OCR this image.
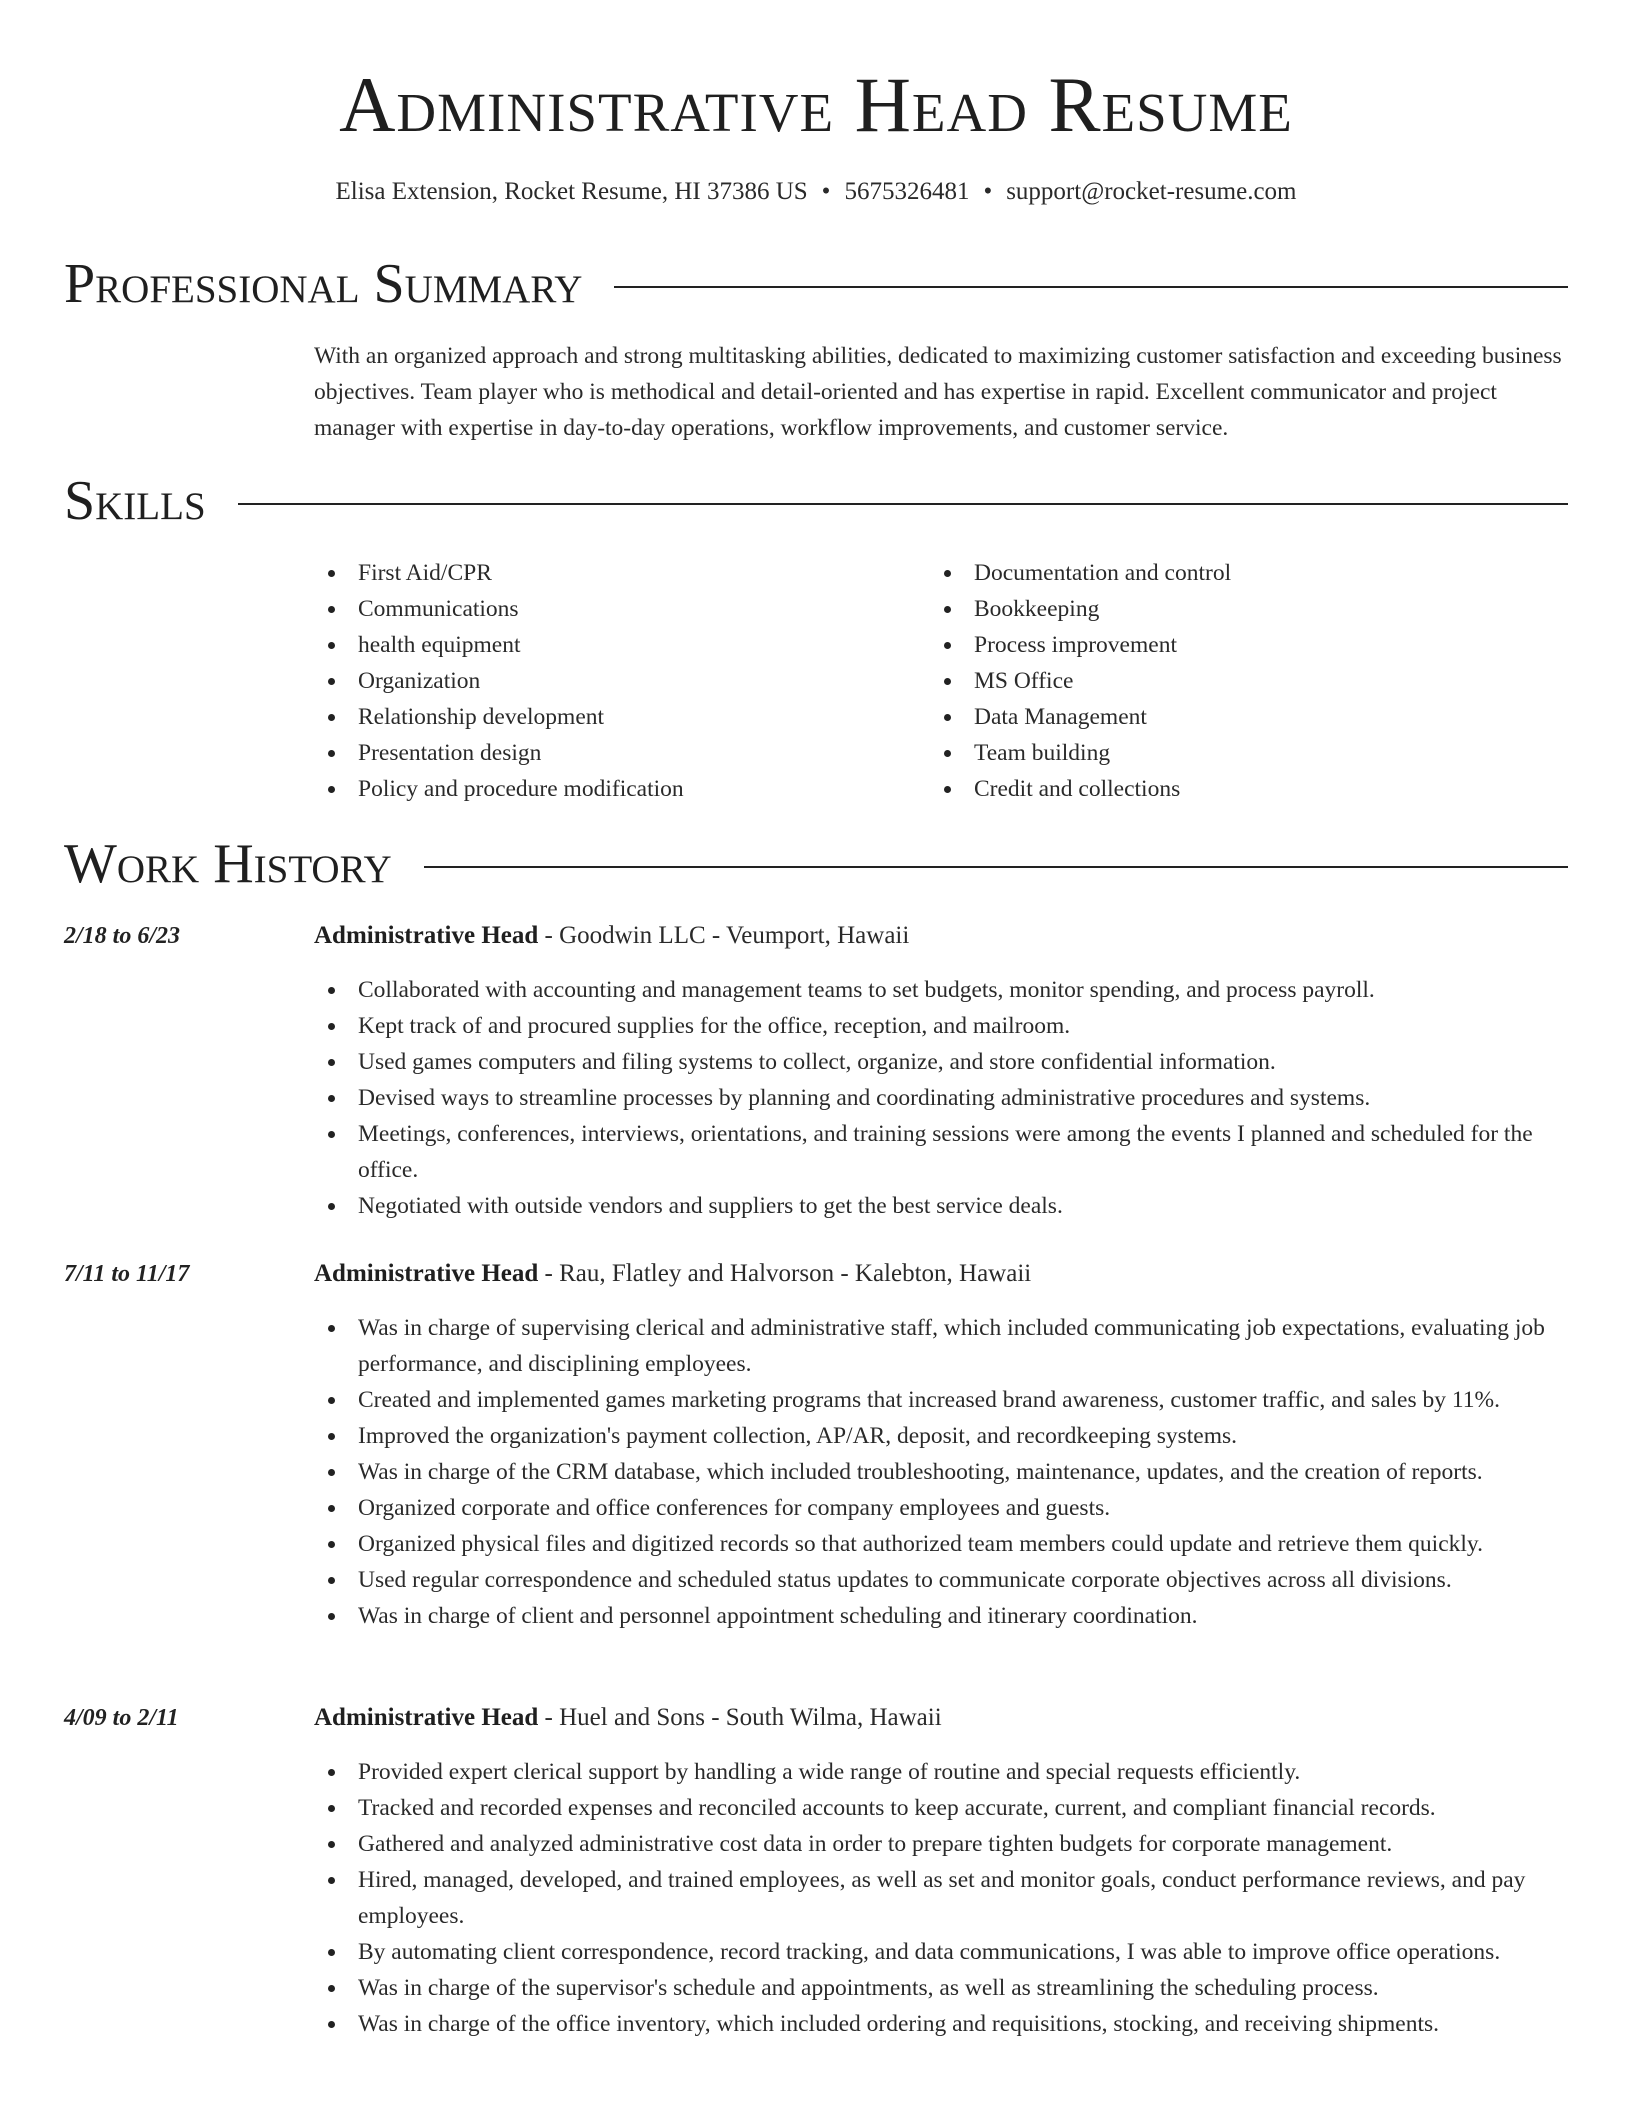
Administrative Head Resume
Elisa Extension, Rocket Resume, HI 37386 US • 5675326481 • support@rocket-resume.com
Professional Summary

With an organized approach and strong multitasking abilities, dedicated to maximizing customer satisfaction and exceeding business objectives. Team player who is methodical and detail-oriented and has expertise in rapid. Excellent communicator and project manager with expertise in day-to-day operations, workflow improvements, and customer service.

Skills
First Aid/CPR
Communications
health equipment
Organization
Relationship development
Presentation design
Policy and procedure modification
Documentation and control
Bookkeeping
Process improvement
MS Office
Data Management
Team building
Credit and collections
Work History
2/18 to 6/23	Administrative Head - Goodwin LLC - Veumport, Hawaii
Collaborated with accounting and management teams to set budgets, monitor spending, and process payroll.
Kept track of and procured supplies for the office, reception, and mailroom.
Used games computers and filing systems to collect, organize, and store confidential information.
Devised ways to streamline processes by planning and coordinating administrative procedures and systems.
Meetings, conferences, interviews, orientations, and training sessions were among the events I planned and scheduled for the office.
Negotiated with outside vendors and suppliers to get the best service deals.
7/11 to 11/17	Administrative Head - Rau, Flatley and Halvorson - Kalebton, Hawaii
Was in charge of supervising clerical and administrative staff, which included communicating job expectations, evaluating job performance, and disciplining employees.
Created and implemented games marketing programs that increased brand awareness, customer traffic, and sales by 11%.
Improved the organization's payment collection, AP/AR, deposit, and recordkeeping systems.
Was in charge of the CRM database, which included troubleshooting, maintenance, updates, and the creation of reports.
Organized corporate and office conferences for company employees and guests.
Organized physical files and digitized records so that authorized team members could update and retrieve them quickly.
Used regular correspondence and scheduled status updates to communicate corporate objectives across all divisions.
Was in charge of client and personnel appointment scheduling and itinerary coordination.
4/09 to 2/11	Administrative Head - Huel and Sons - South Wilma, Hawaii
Provided expert clerical support by handling a wide range of routine and special requests efficiently.
Tracked and recorded expenses and reconciled accounts to keep accurate, current, and compliant financial records.
Gathered and analyzed administrative cost data in order to prepare tighten budgets for corporate management.
Hired, managed, developed, and trained employees, as well as set and monitor goals, conduct performance reviews, and pay employees.
By automating client correspondence, record tracking, and data communications, I was able to improve office operations.
Was in charge of the supervisor's schedule and appointments, as well as streamlining the scheduling process.
Was in charge of the office inventory, which included ordering and requisitions, stocking, and receiving shipments.
